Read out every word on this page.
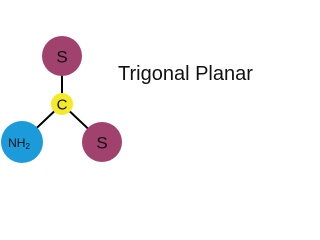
S
$NH_2$	S
C
Trigonal Planar
